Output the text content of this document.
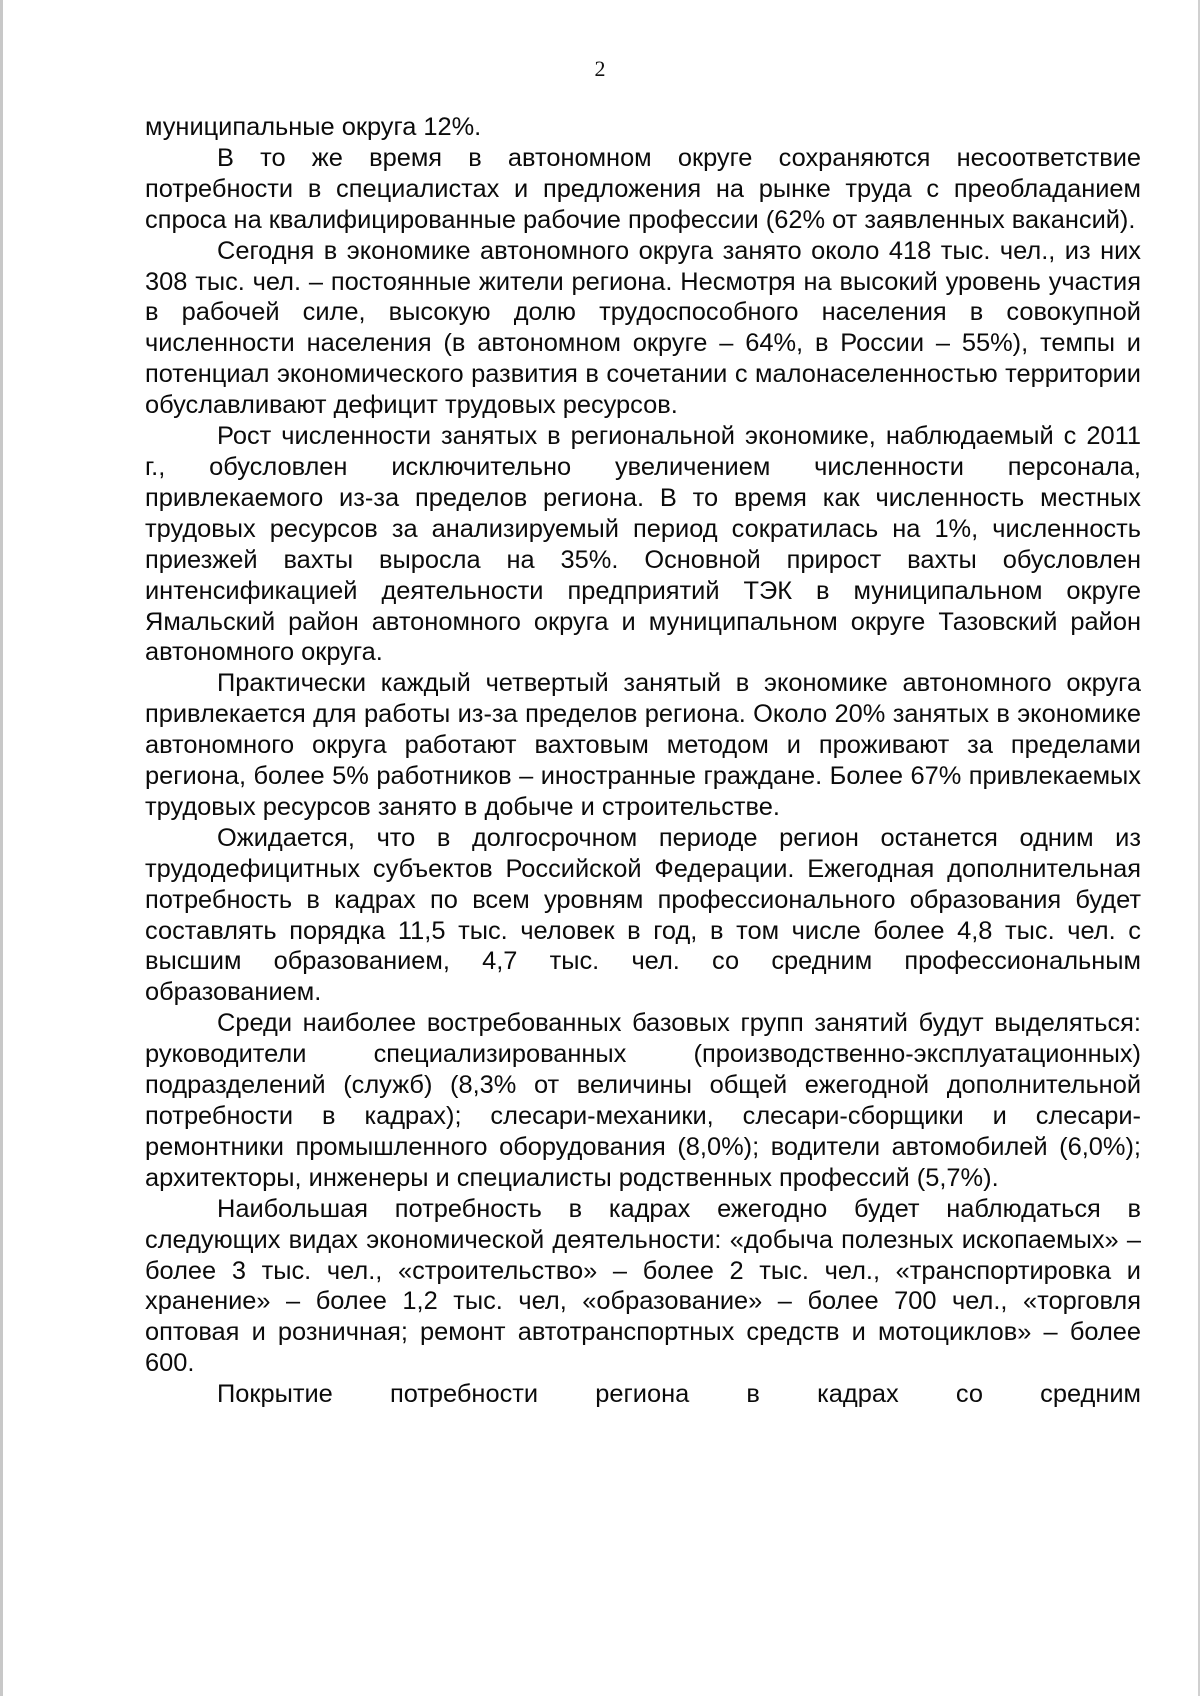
2

муниципальные округа 12%.

В то же время в автономном округе сохраняются несоответствие потребности в специалистах и предложения на рынке труда с преобладанием спроса на квалифицированные рабочие профессии (62% от заявленных вакансий).

Сегодня в экономике автономного округа занято около 418 тыс. чел., из них 308 тыс. чел. – постоянные жители региона. Несмотря на высокий уровень участия в рабочей силе, высокую долю трудоспособного населения в совокупной численности населения (в автономном округе – 64%, в России – 55%), темпы и потенциал экономического развития в сочетании с малонаселенностью территории обуславливают дефицит трудовых ресурсов.

Рост численности занятых в региональной экономике, наблюдаемый с 2011 г., обусловлен исключительно увеличением численности персонала, привлекаемого из-за пределов региона. В то время как численность местных трудовых ресурсов за анализируемый период сократилась на 1%, численность приезжей вахты выросла на 35%. Основной прирост вахты обусловлен интенсификацией деятельности предприятий ТЭК в муниципальном округе Ямальский район автономного округа и муниципальном округе Тазовский район автономного округа.

Практически каждый четвертый занятый в экономике автономного округа привлекается для работы из-за пределов региона. Около 20% занятых в экономике автономного округа работают вахтовым методом и проживают за пределами региона, более 5% работников – иностранные граждане. Более 67% привлекаемых трудовых ресурсов занято в добыче и строительстве.

Ожидается, что в долгосрочном периоде регион останется одним из трудодефицитных субъектов Российской Федерации. Ежегодная дополнительная потребность в кадрах по всем уровням профессионального образования будет составлять порядка 11,5 тыс. человек в год, в том числе более 4,8 тыс. чел. с высшим образованием, 4,7 тыс. чел. со средним профессиональным образованием.

Среди наиболее востребованных базовых групп занятий будут выделяться: руководители специализированных (производственно-эксплуатационных) подразделений (служб) (8,3% от величины общей ежегодной дополнительной потребности в кадрах); слесари-механики, слесари-сборщики и слесари-ремонтники промышленного оборудования (8,0%); водители автомобилей (6,0%); архитекторы, инженеры и специалисты родственных профессий (5,7%).

Наибольшая потребность в кадрах ежегодно будет наблюдаться в следующих видах экономической деятельности: «добыча полезных ископаемых» – более 3 тыс. чел., «строительство» – более 2 тыс. чел., «транспортировка и хранение» – более 1,2 тыс. чел, «образование» – более 700 чел., «торговля оптовая и розничная; ремонт автотранспортных средств и мотоциклов» – более 600.

Покрытие потребности региона в кадрах со средним
